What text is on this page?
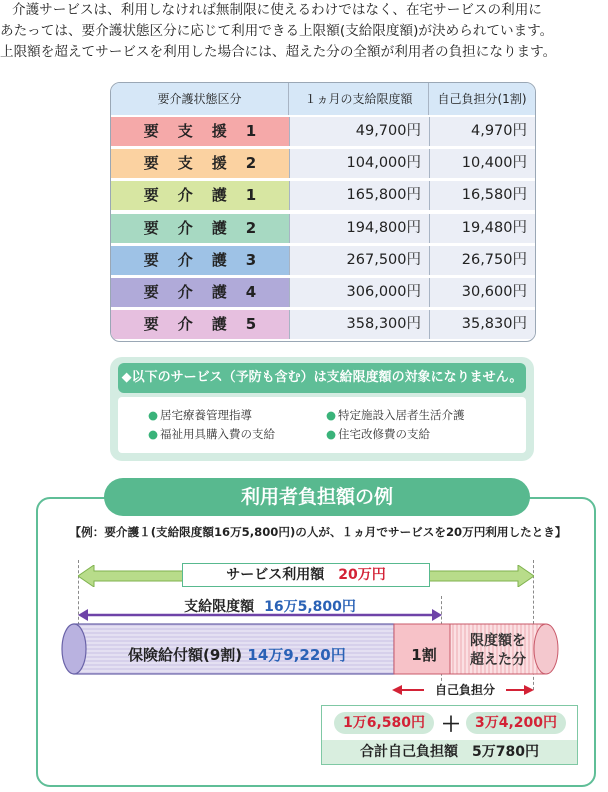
介護サービスは、利用しなければ無制限に使えるわけではなく、在宅サービスの利用に
あたっては、要介護状態区分に応じて利用できる上限額(支給限度額)が決められています。
上限額を超えてサービスを利用した場合には、超えた分の全額が利用者の負担になります。
要介護状態区分	１ヵ月の支給限度額	自己負担分(1割)
要支援1	49,700円	4,970円
要支援2	104,000円	10,400円
要介護1	165,800円	16,580円
要介護2	194,800円	19,480円
要介護3	267,500円	26,750円
要介護4	306,000円	30,600円
要介護5	358,300円	35,830円
◆以下のサービス（予防も含む）は支給限度額の対象になりません。
● 居宅療養管理指導	● 特定施設入居者生活介護
● 福祉用具購入費の支給	● 住宅改修費の支給
利用者負担額の例
【例：要介護１(支給限度額16万5,800円)の人が、１ヵ月でサービスを20万円利用したとき】
サービス利用額 20万円
支給限度額 16万5,800円
保険給付額(9割) 14万9,220円	1割
限度額を
超えた分
自己負担分
1万6,580円 ＋ 3万4,200円
合計自己負担額　5万780円
